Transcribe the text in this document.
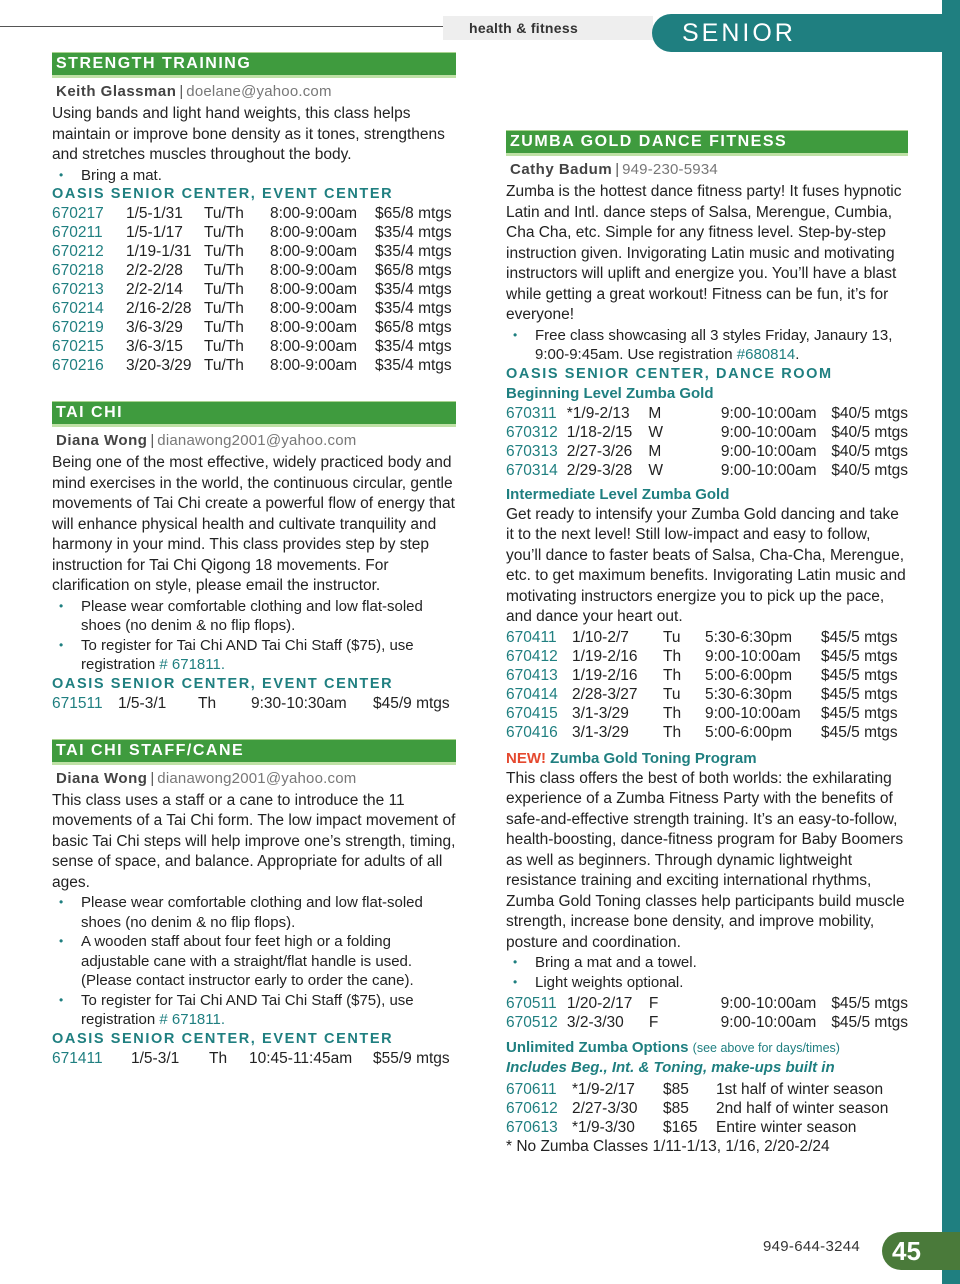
health & fitness	SENIOR SERVICES
STRENGTH TRAINING
Keith Glassman | doelane@yahoo.com

Using bands and light hand weights, this class helps maintain or improve bone density as it tones, strengthens and stretches muscles throughout the body.

• Bring a mat.
OASIS SENIOR CENTER, EVENT CENTER
670217	1/5-1/31	Tu/Th	8:00-9:00am	$65/8 mtgs
670211	1/5-1/17	Tu/Th	8:00-9:00am	$35/4 mtgs
670212	1/19-1/31	Tu/Th	8:00-9:00am	$35/4 mtgs
670218	2/2-2/28	Tu/Th	8:00-9:00am	$65/8 mtgs
670213	2/2-2/14	Tu/Th	8:00-9:00am	$35/4 mtgs
670214	2/16-2/28	Tu/Th	8:00-9:00am	$35/4 mtgs
670219	3/6-3/29	Tu/Th	8:00-9:00am	$65/8 mtgs
670215	3/6-3/15	Tu/Th	8:00-9:00am	$35/4 mtgs
670216	3/20-3/29	Tu/Th	8:00-9:00am	$35/4 mtgs
TAI CHI
Diana Wong | dianawong2001@yahoo.com

Being one of the most effective, widely practiced body and mind exercises in the world, the continuous circular, gentle movements of Tai Chi create a powerful flow of energy that will enhance physical health and cultivate tranquility and harmony in your mind. This class provides step by step instruction for Tai Chi Qigong 18 movements. For clarification on style, please email the instructor.

• Please wear comfortable clothing and low flat-soled shoes (no denim & no flip flops).
• To register for Tai Chi AND Tai Chi Staff ($75), use registration # 671811.
OASIS SENIOR CENTER, EVENT CENTER
671511	1/5-3/1	Th	9:30-10:30am	$45/9 mtgs
TAI CHI STAFF/CANE
Diana Wong | dianawong2001@yahoo.com

This class uses a staff or a cane to introduce the 11 movements of a Tai Chi form. The low impact movement of basic Tai Chi steps will help improve one’s strength, timing, sense of space, and balance. Appropriate for adults of all ages.

• Please wear comfortable clothing and low flat-soled shoes (no denim & no flip flops).
• A wooden staff about four feet high or a folding adjustable cane with a straight/flat handle is used. (Please contact instructor early to order the cane).
• To register for Tai Chi AND Tai Chi Staff ($75), use registration # 671811.
OASIS SENIOR CENTER, EVENT CENTER
671411	1/5-3/1	Th	10:45-11:45am	$55/9 mtgs
ZUMBA GOLD DANCE FITNESS
Cathy Badum | 949-230-5934

Zumba is the hottest dance fitness party! It fuses hypnotic Latin and Intl. dance steps of Salsa, Merengue, Cumbia, Cha Cha, etc. Simple for any fitness level. Step-by-step instruction given. Invigorating Latin music and motivating instructors will uplift and energize you. You’ll have a blast while getting a great workout! Fitness can be fun, it’s for everyone!

• Free class showcasing all 3 styles Friday, Janaury 13, 9:00-9:45am. Use registration #680814.
OASIS SENIOR CENTER, DANCE ROOM
Beginning Level Zumba Gold
670311	*1/9-2/13	M	9:00-10:00am	$40/5 mtgs
670312	1/18-2/15	W	9:00-10:00am	$40/5 mtgs
670313	2/27-3/26	M	9:00-10:00am	$40/5 mtgs
670314	2/29-3/28	W	9:00-10:00am	$40/5 mtgs
Intermediate Level Zumba Gold

Get ready to intensify your Zumba Gold dancing and take it to the next level! Still low-impact and easy to follow, you’ll dance to faster beats of Salsa, Cha-Cha, Merengue, etc. to get maximum benefits. Invigorating Latin music and motivating instructors energize you to pick up the pace, and dance your heart out.

670411	1/10-2/7	Tu	5:30-6:30pm	$45/5 mtgs
670412	1/19-2/16	Th	9:00-10:00am	$45/5 mtgs
670413	1/19-2/16	Th	5:00-6:00pm	$45/5 mtgs
670414	2/28-3/27	Tu	5:30-6:30pm	$45/5 mtgs
670415	3/1-3/29	Th	9:00-10:00am	$45/5 mtgs
670416	3/1-3/29	Th	5:00-6:00pm	$45/5 mtgs
NEW! Zumba Gold Toning Program

This class offers the best of both worlds: the exhilarating experience of a Zumba Fitness Party with the benefits of safe-and-effective strength training. It’s an easy-to-follow, health-boosting, dance-fitness program for Baby Boomers as well as beginners. Through dynamic lightweight resistance training and exciting international rhythms, Zumba Gold Toning classes help participants build muscle strength, increase bone density, and improve mobility, posture and coordination.

• Bring a mat and a towel.
• Light weights optional.
670511	1/20-2/17	F	9:00-10:00am	$45/5 mtgs
670512	3/2-3/30	F	9:00-10:00am	$45/5 mtgs
Unlimited Zumba Options (see above for days/times)
Includes Beg., Int. & Toning, make-ups built in
670611	*1/9-2/17	$85	1st half of winter season
670612	2/27-3/30	$85	2nd half of winter season
670613	*1/9-3/30	$165	Entire winter season

* No Zumba Classes 1/11-1/13, 1/16, 2/20-2/24

949-644-3244	45
